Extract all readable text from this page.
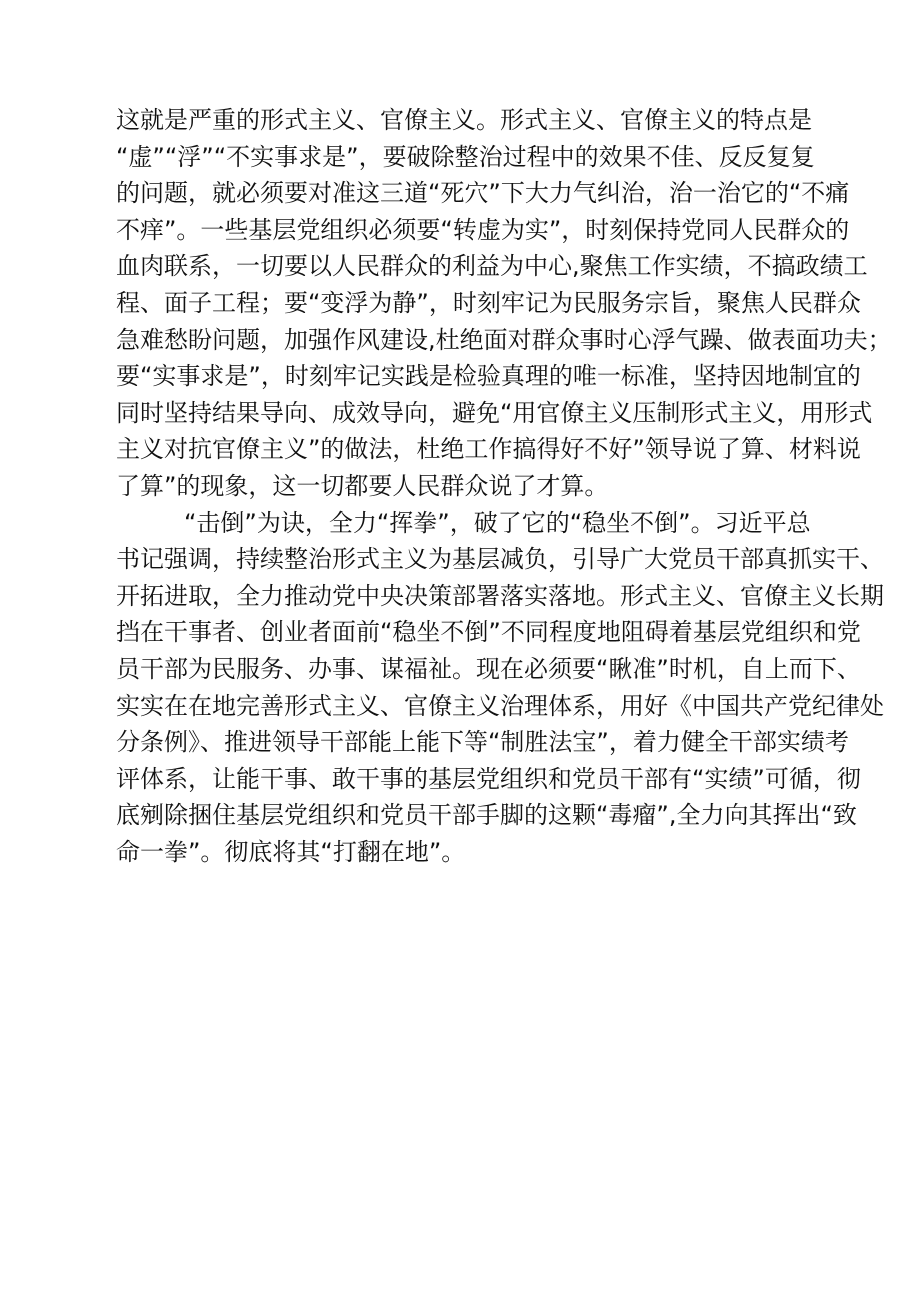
这就是严重的形式主义、官僚主义。形式主义、官僚主义的特点是
“虚”“浮”“不实事求是”，要破除整治过程中的效果不佳、反反复复
的问题，就必须要对准这三道“死穴”下大力气纠治，治一治它的“不痛
不痒”。一些基层党组织必须要“转虚为实”，时刻保持党同人民群众的
血肉联系，一切要以人民群众的利益为中心,聚焦工作实绩，不搞政绩工
程、面子工程；要“变浮为静”，时刻牢记为民服务宗旨，聚焦人民群众
急难愁盼问题，加强作风建设,杜绝面对群众事时心浮气躁、做表面功夫；
要“实事求是”，时刻牢记实践是检验真理的唯一标准，坚持因地制宜的
同时坚持结果导向、成效导向，避免“用官僚主义压制形式主义，用形式
主义对抗官僚主义”的做法，杜绝工作搞得好不好”领导说了算、材料说
了算”的现象，这一切都要人民群众说了才算。
“击倒”为诀，全力“挥拳”，破了它的“稳坐不倒”。习近平总
书记强调，持续整治形式主义为基层减负，引导广大党员干部真抓实干、
开拓进取，全力推动党中央决策部署落实落地。形式主义、官僚主义长期
挡在干事者、创业者面前“稳坐不倒”不同程度地阻碍着基层党组织和党
员干部为民服务、办事、谋福祉。现在必须要“瞅准”时机，自上而下、
实实在在地完善形式主义、官僚主义治理体系，用好《中国共产党纪律处
分条例》、推进领导干部能上能下等“制胜法宝”，着力健全干部实绩考
评体系，让能干事、敢干事的基层党组织和党员干部有“实绩”可循，彻
底剜除捆住基层党组织和党员干部手脚的这颗“毒瘤”,全力向其挥出“致
命一拳”。彻底将其“打翻在地”。
